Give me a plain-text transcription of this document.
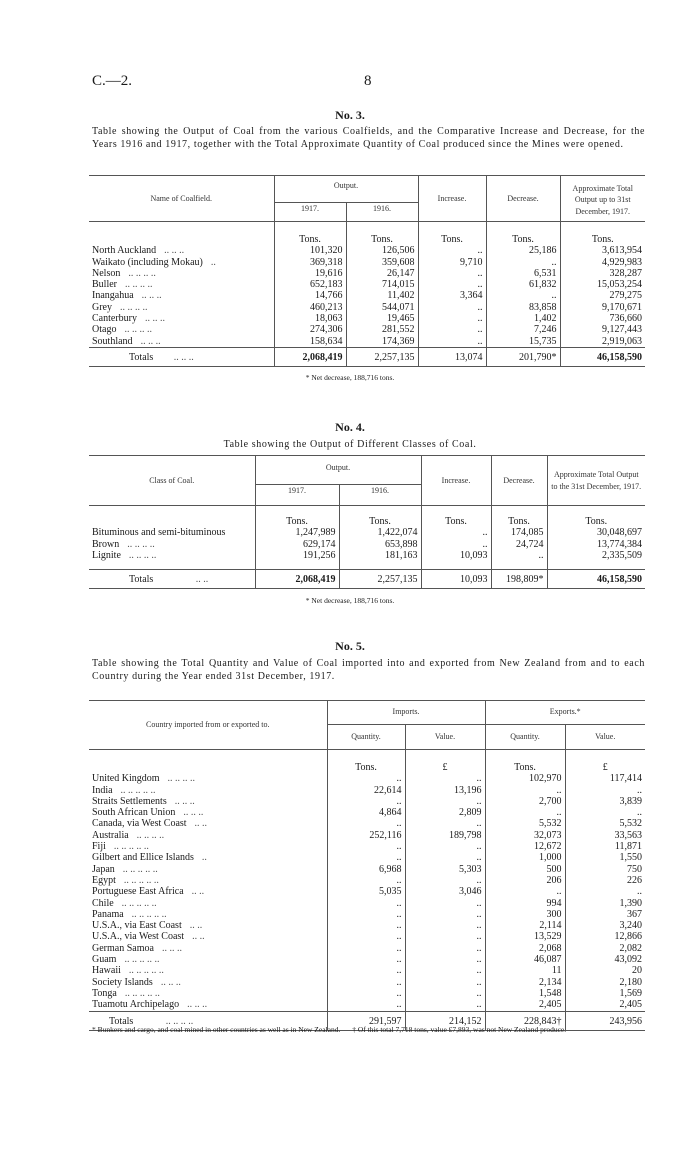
C.—2.	8
No. 3.
Table showing the Output of Coal from the various Coalfields, and the Comparative Increase and Decrease, for the Years 1916 and 1917, together with the Total Approximate Quantity of Coal produced since the Mines were opened.
Name of Coalfield.	Output.		Increase.	Decrease.	Approximate Total Output up to 31st December, 1917.
	1917.	1916.			

	Tons.	Tons.	Tons.	Tons.	Tons.
North Auckland .. .. ..	101,320	126,506	..	25,186	3,613,954
Waikato (including Mokau) ..	369,318	359,608	9,710	..	4,929,983
Nelson .. .. .. ..	19,616	26,147	..	6,531	328,287
Buller .. .. .. ..	652,183	714,015	..	61,832	15,053,254
Inangahua .. .. ..	14,766	11,402	3,364	..	279,275
Grey .. .. .. ..	460,213	544,071	..	83,858	9,170,671
Canterbury .. .. ..	18,063	19,465	..	1,402	736,660
Otago .. .. .. ..	274,306	281,552	..	7,246	9,127,443
Southland .. .. ..	158,634	174,369	..	15,735	2,919,063
Totals .. .. ..	2,068,419	2,257,135	13,074	201,790*	46,158,590
* Net decrease, 188,716 tons.
No. 4.
Table showing the Output of Different Classes of Coal.
Class of Coal.	Output.		Increase.	Decrease.	Approximate Total Output to the 31st December, 1917.
	1917.	1916.			

	Tons.	Tons.	Tons.	Tons.	Tons.
Bituminous and semi-bituminous	1,247,989	1,422,074	..	174,085	30,048,697
Brown .. .. .. ..	629,174	653,898	..	24,724	13,774,384
Lignite .. .. .. ..	191,256	181,163	10,093	..	2,335,509

Totals .. ..	2,068,419	2,257,135	10,093	198,809*	46,158,590
* Net decrease, 188,716 tons.
No. 5.
Table showing the Total Quantity and Value of Coal imported into and exported from New Zealand from and to each Country during the Year ended 31st December, 1917.
Country imported from or exported to.	Imports.		Exports.*	
	Quantity.	Value.	Quantity.	Value.

	Tons.	£	Tons.	£
United Kingdom .. .. .. ..	..	..	102,970	117,414
India .. .. .. .. ..	22,614	13,196	..	..
Straits Settlements .. .. ..	..	..	2,700	3,839
South African Union .. .. ..	4,864	2,809	..	..
Canada, via West Coast .. ..	..	..	5,532	5,532
Australia .. .. .. ..	252,116	189,798	32,073	33,563
Fiji .. .. .. .. ..	..	..	12,672	11,871
Gilbert and Ellice Islands ..	..	..	1,000	1,550
Japan .. .. .. .. ..	6,968	5,303	500	750
Egypt .. .. .. .. ..	..	..	206	226
Portuguese East Africa .. ..	5,035	3,046	..	..
Chile .. .. .. .. ..	..	..	994	1,390
Panama .. .. .. .. ..	..	..	300	367
U.S.A., via East Coast .. ..	..	..	2,114	3,240
U.S.A., via West Coast .. ..	..	..	13,529	12,866
German Samoa .. .. ..	..	..	2,068	2,082
Guam .. .. .. .. ..	..	..	46,087	43,092
Hawaii .. .. .. .. ..	..	..	11	20
Society Islands .. .. ..	..	..	2,134	2,180
Tonga .. .. .. .. ..	..	..	1,548	1,569
Tuamotu Archipelago .. .. ..	..	..	2,405	2,405
Totals .. .. .. ..	291,597	214,152	228,843†	243,956
* Bunkers and cargo, and coal mined in other countries as well as in New Zealand. † Of this total 7,718 tons, value £7,893, was not New Zealand produce.
